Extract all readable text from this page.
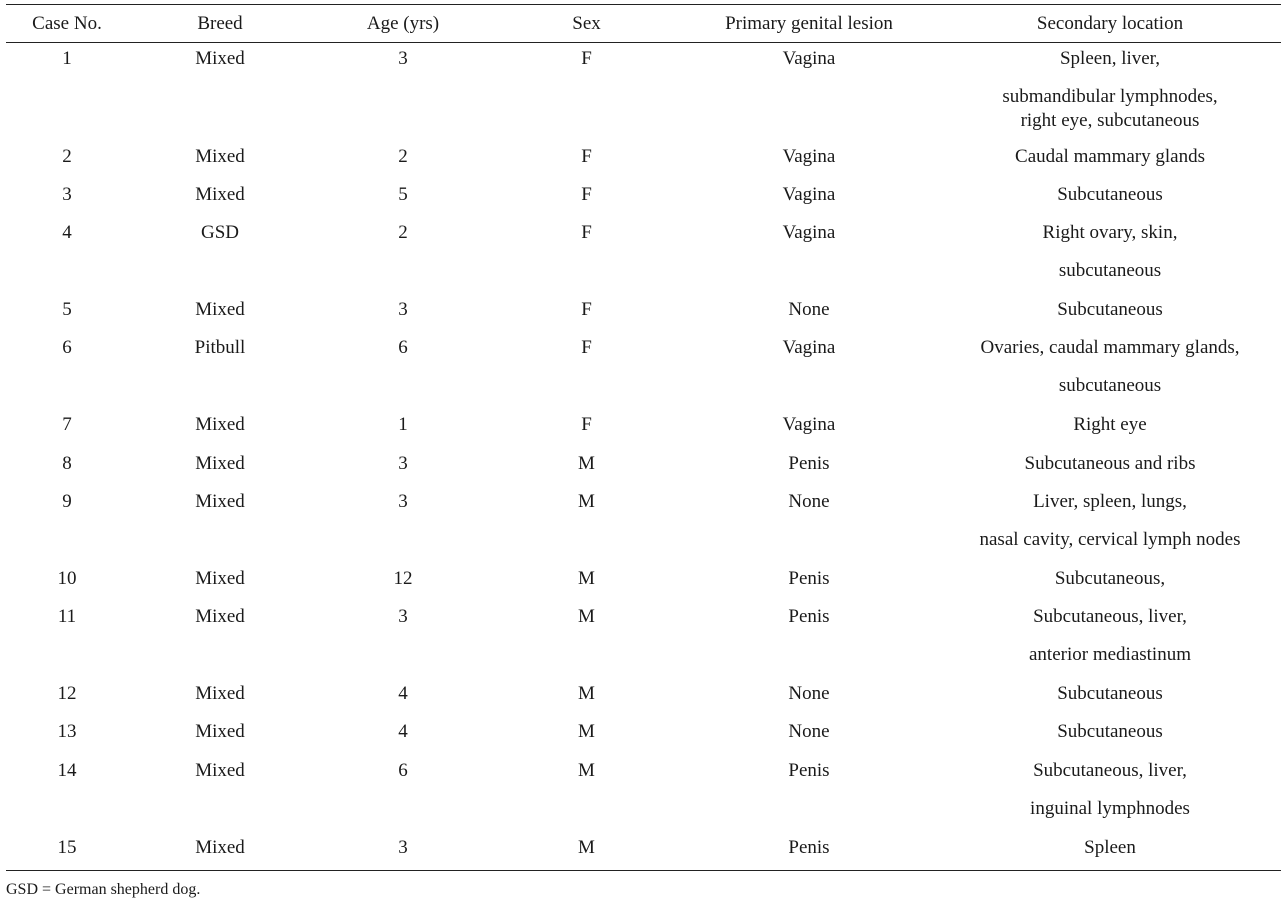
Case No.	Breed	Age (yrs)	Sex	Primary genital lesion	Secondary location

1	Mixed	3	F	Vagina	Spleen, liver,
submandibular lymphnodes,
right eye, subcutaneous

2	Mixed	2	F	Vagina	Caudal mammary glands

3	Mixed	5	F	Vagina	Subcutaneous

4	GSD	2	F	Vagina	Right ovary, skin,
subcutaneous

5	Mixed	3	F	None	Subcutaneous

6	Pitbull	6	F	Vagina	Ovaries, caudal mammary glands,
subcutaneous

7	Mixed	1	F	Vagina	Right eye

8	Mixed	3	M	Penis	Subcutaneous and ribs

9	Mixed	3	M	None	Liver, spleen, lungs,
nasal cavity, cervical lymph nodes

10	Mixed	12	M	Penis	Subcutaneous,

11	Mixed	3	M	Penis	Subcutaneous, liver,
anterior mediastinum

12	Mixed	4	M	None	Subcutaneous

13	Mixed	4	M	None	Subcutaneous

14	Mixed	6	M	Penis	Subcutaneous, liver,
inguinal lymphnodes

15	Mixed	3	M	Penis	Spleen
GSD = German shepherd dog.
